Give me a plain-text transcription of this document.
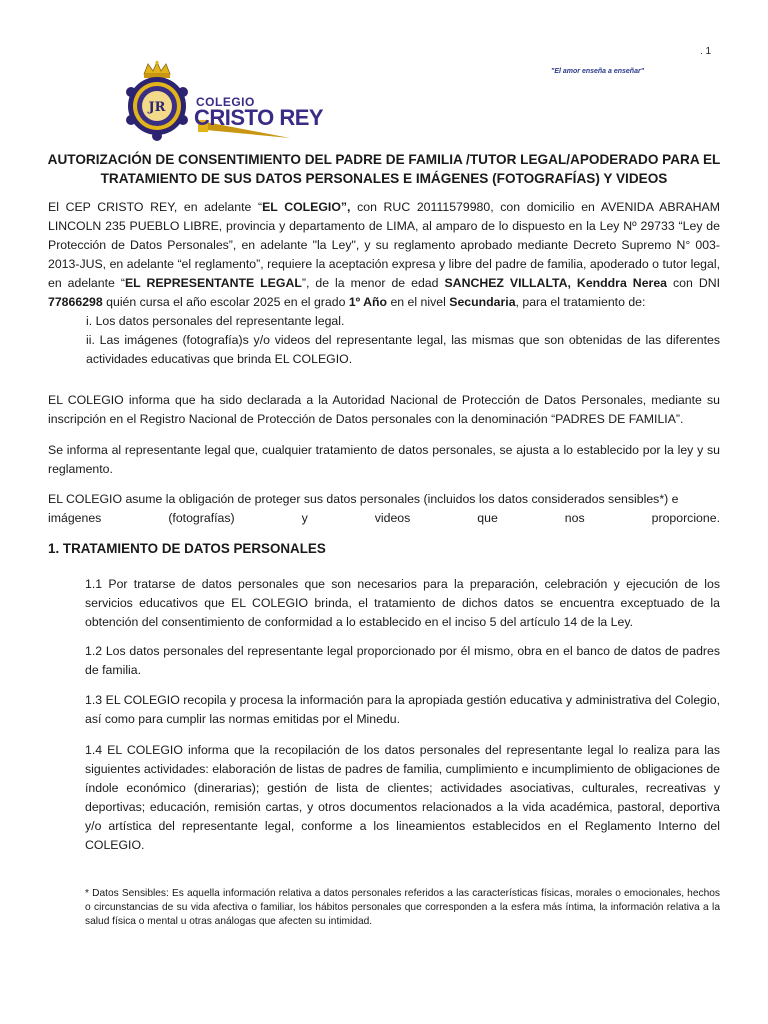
. 1
JR	COLEGIO
CRISTO REY
"El amor enseña a enseñar"
AUTORIZACIÓN DE CONSENTIMIENTO DEL PADRE DE FAMILIA /TUTOR LEGAL/APODERADO PARA EL TRATAMIENTO DE SUS DATOS PERSONALES E IMÁGENES (FOTOGRAFÍAS) Y VIDEOS

El CEP CRISTO REY, en adelante “EL COLEGIO”, con RUC 20111579980, con domicilio en AVENIDA ABRAHAM LINCOLN 235 PUEBLO LIBRE, provincia y departamento de LIMA, al amparo de lo dispuesto en la Ley Nº 29733 “Ley de Protección de Datos Personales”, en adelante "la Ley", y su reglamento aprobado mediante Decreto Supremo N° 003-2013-JUS, en adelante “el reglamento”, requiere la aceptación expresa y libre del padre de familia, apoderado o tutor legal, en adelante “EL REPRESENTANTE LEGAL”, de la menor de edad SANCHEZ VILLALTA, Kenddra Nerea con DNI 77866298 quién cursa el año escolar 2025 en el grado 1º Año en el nivel Secundaria, para el tratamiento de:

i. Los datos personales del representante legal.

ii. Las imágenes (fotografía)s y/o videos del representante legal, las mismas que son obtenidas de las diferentes actividades educativas que brinda EL COLEGIO.

EL COLEGIO informa que ha sido declarada a la Autoridad Nacional de Protección de Datos Personales, mediante su inscripción en el Registro Nacional de Protección de Datos personales con la denominación “PADRES DE FAMILIA”.

Se informa al representante legal que, cualquier tratamiento de datos personales, se ajusta a lo establecido por la ley y su reglamento.

EL COLEGIO asume la obligación de proteger sus datos personales (incluidos los datos considerados sensibles*) e

imágenes (fotografías) y videos que nos proporcione.

1. TRATAMIENTO DE DATOS PERSONALES

1.1 Por tratarse de datos personales que son necesarios para la preparación, celebración y ejecución de los servicios educativos que EL COLEGIO brinda, el tratamiento de dichos datos se encuentra exceptuado de la obtención del consentimiento de conformidad a lo establecido en el inciso 5 del artículo 14 de la Ley.

1.2 Los datos personales del representante legal proporcionado por él mismo, obra en el banco de datos de padres de familia.

1.3 EL COLEGIO recopila y procesa la información para la apropiada gestión educativa y administrativa del Colegio, así como para cumplir las normas emitidas por el Minedu.

1.4 EL COLEGIO informa que la recopilación de los datos personales del representante legal lo realiza para las siguientes actividades: elaboración de listas de padres de familia, cumplimiento e incumplimiento de obligaciones de índole económico (dinerarias); gestión de lista de clientes; actividades asociativas, culturales, recreativas y deportivas; educación, remisión cartas, y otros documentos relacionados a la vida académica, pastoral, deportiva y/o artística del representante legal, conforme a los lineamientos establecidos en el Reglamento Interno del COLEGIO.

* Datos Sensibles: Es aquella información relativa a datos personales referidos a las características físicas, morales o emocionales, hechos o circunstancias de su vida afectiva o familiar, los hábitos personales que corresponden a la esfera más íntima, la información relativa a la salud física o mental u otras análogas que afecten su intimidad.
